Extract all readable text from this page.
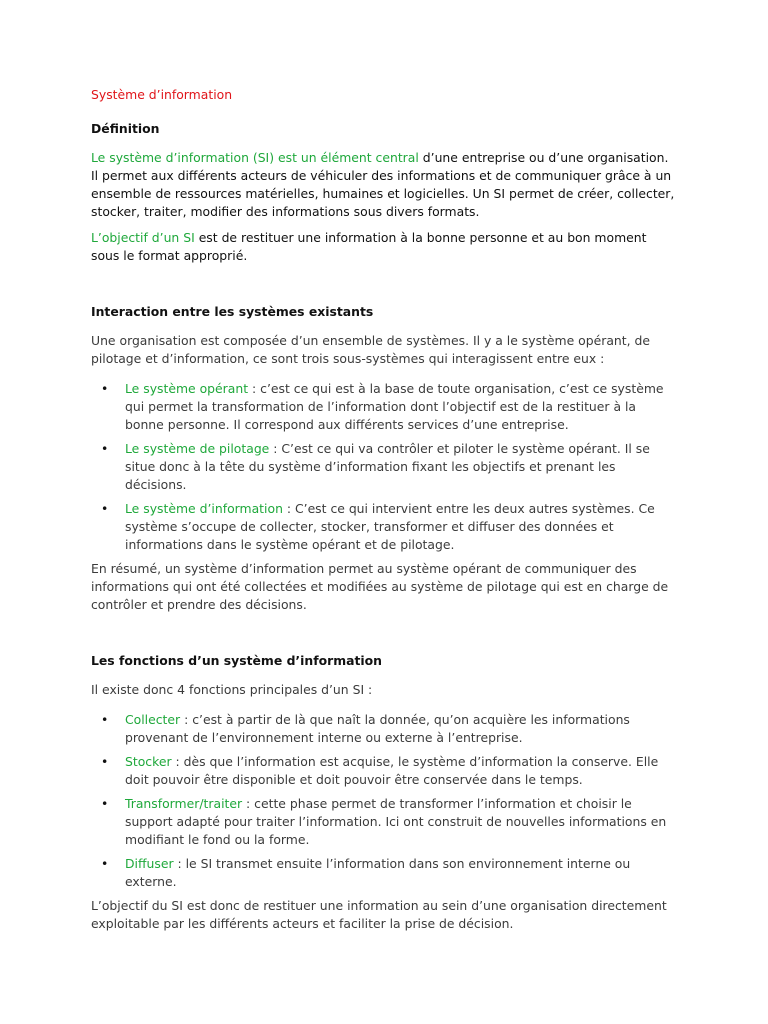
Système d’information

Définition

Le système d’information (SI) est un élément central d’une entreprise ou d’une organisation. Il permet aux différents acteurs de véhiculer des informations et de communiquer grâce à un ensemble de ressources matérielles, humaines et logicielles. Un SI permet de créer, collecter, stocker, traiter, modifier des informations sous divers formats.

L’objectif d’un SI est de restituer une information à la bonne personne et au bon moment sous le format approprié.

Interaction entre les systèmes existants

Une organisation est composée d’un ensemble de systèmes. Il y a le système opérant, de pilotage et d’information, ce sont trois sous-systèmes qui interagissent entre eux :

• Le système opérant : c’est ce qui est à la base de toute organisation, c’est ce système qui permet la transformation de l’information dont l’objectif est de la restituer à la bonne personne. Il correspond aux différents services d’une entreprise.
• Le système de pilotage : C’est ce qui va contrôler et piloter le système opérant. Il se situe donc à la tête du système d’information fixant les objectifs et prenant les décisions.
• Le système d’information : C’est ce qui intervient entre les deux autres systèmes. Ce système s’occupe de collecter, stocker, transformer et diffuser des données et informations dans le système opérant et de pilotage.

En résumé, un système d’information permet au système opérant de communiquer des informations qui ont été collectées et modifiées au système de pilotage qui est en charge de contrôler et prendre des décisions.

Les fonctions d’un système d’information

Il existe donc 4 fonctions principales d’un SI :

• Collecter : c’est à partir de là que naît la donnée, qu’on acquière les informations provenant de l’environnement interne ou externe à l’entreprise.
• Stocker : dès que l’information est acquise, le système d’information la conserve. Elle doit pouvoir être disponible et doit pouvoir être conservée dans le temps.
• Transformer/traiter : cette phase permet de transformer l’information et choisir le support adapté pour traiter l’information. Ici ont construit de nouvelles informations en modifiant le fond ou la forme.
• Diffuser : le SI transmet ensuite l’information dans son environnement interne ou externe.

L’objectif du SI est donc de restituer une information au sein d’une organisation directement exploitable par les différents acteurs et faciliter la prise de décision.
